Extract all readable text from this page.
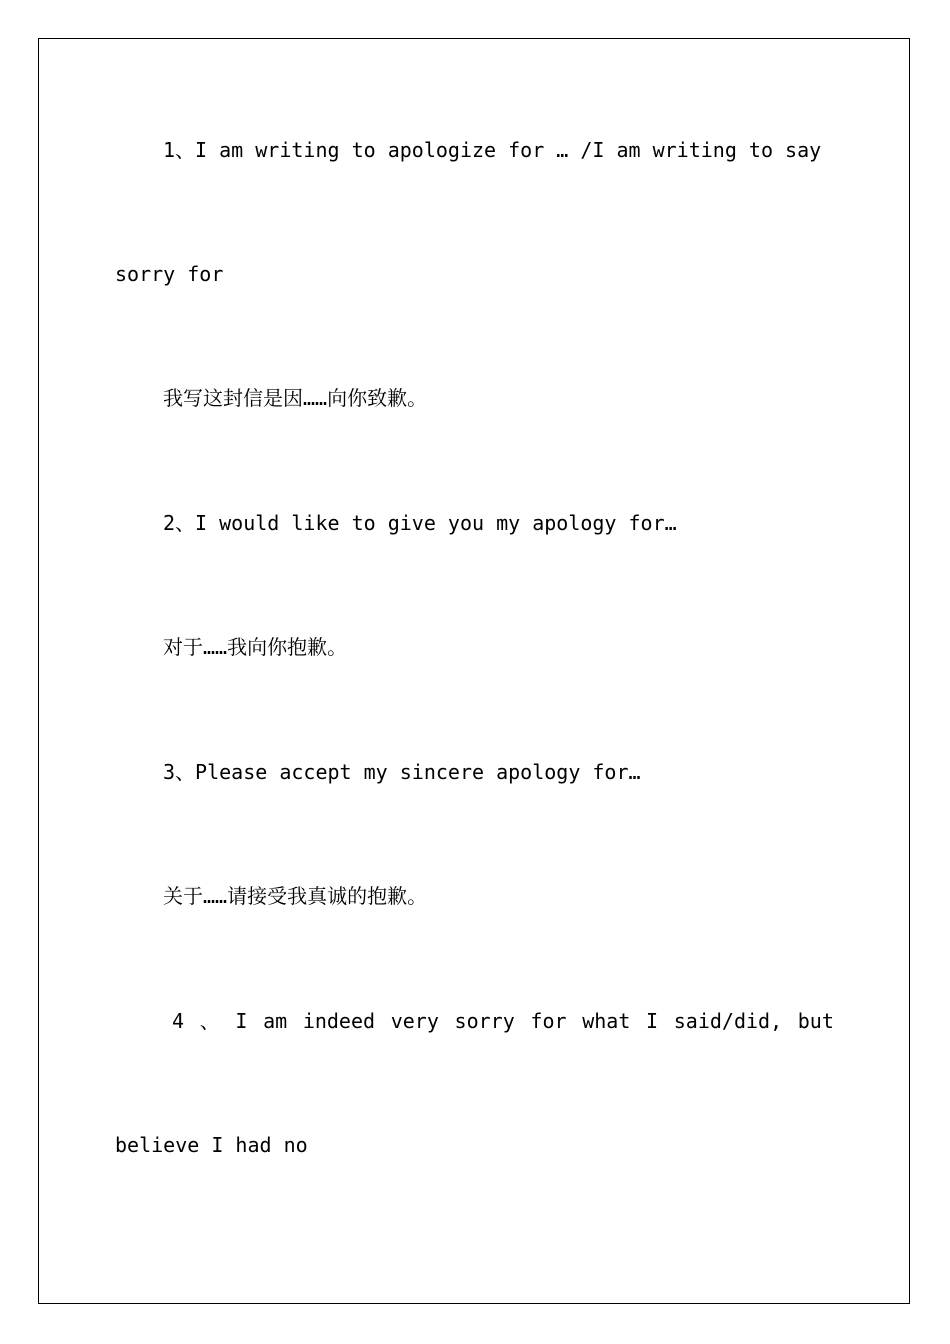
1、I am writing to apologize for … /I am writing to say
sorry for
我写这封信是因……向你致歉。
2、I would like to give you my apology for…
对于……我向你抱歉。
3、Please accept my sincere apology for…
关于……请接受我真诚的抱歉。
4 、 I am indeed very sorry for what I said/did, but
believe I had no
